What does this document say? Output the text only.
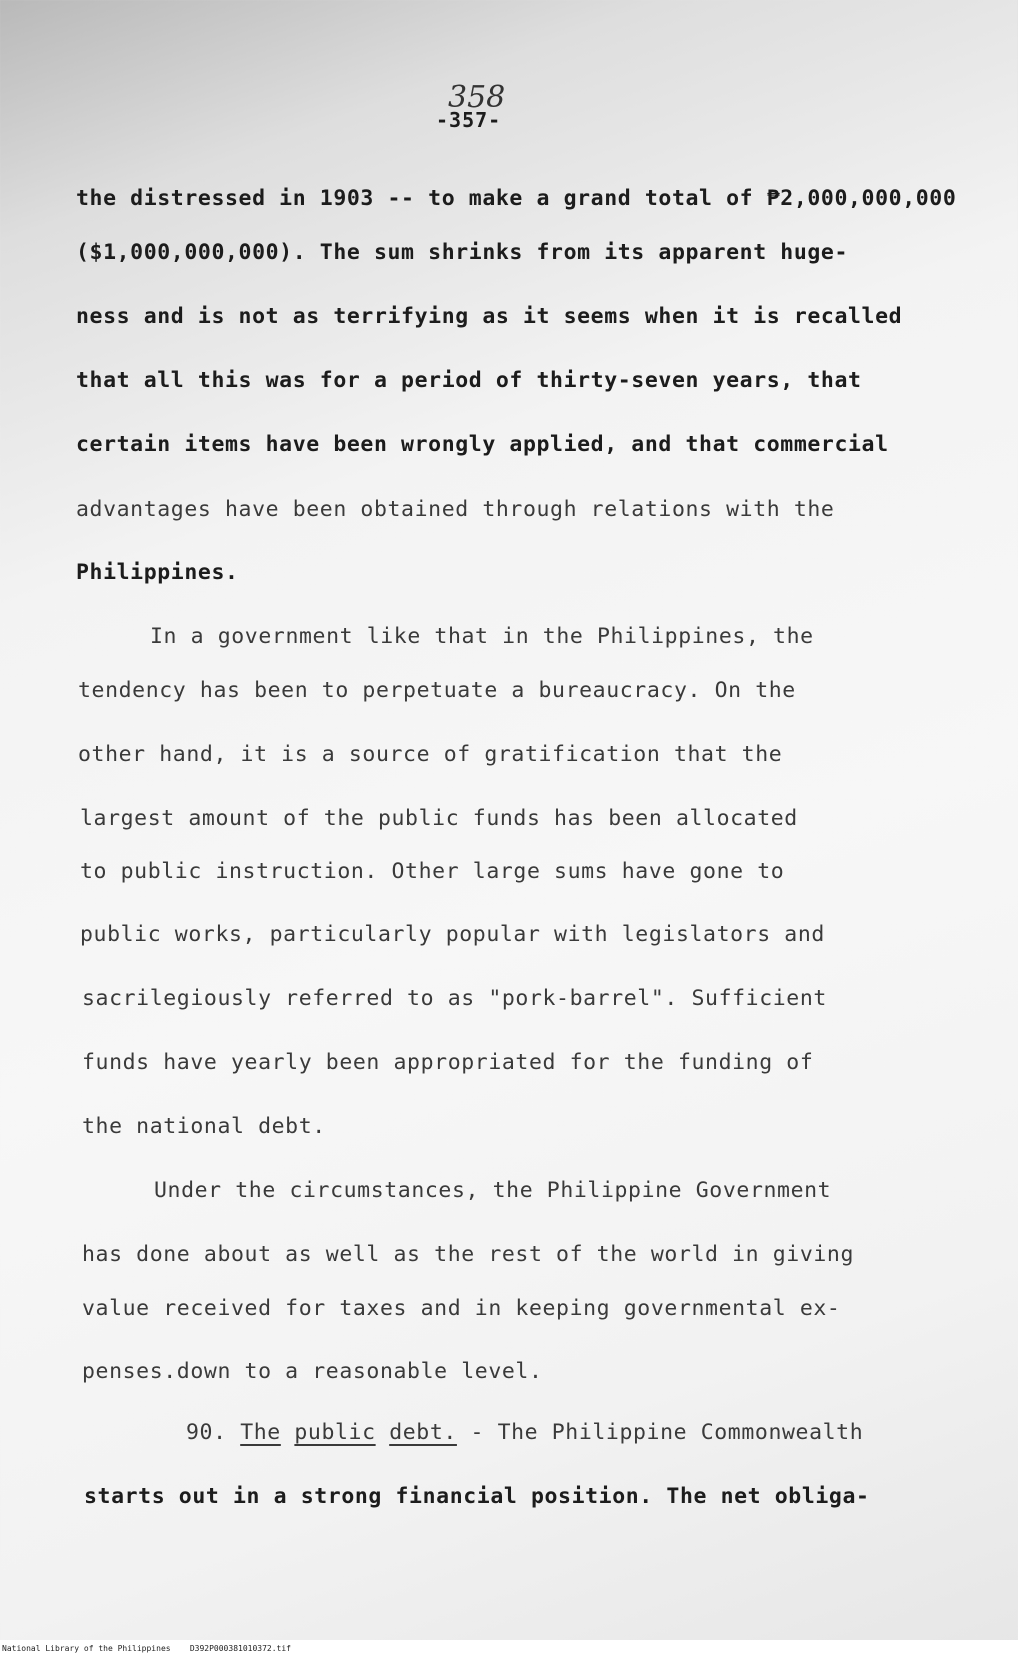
358
-357-
the distressed in 1903 -- to make a grand total of ₱2,000,000,000
($1,000,000,000). The sum shrinks from its apparent huge-
ness and is not as terrifying as it seems when it is recalled
that all this was for a period of thirty-seven years, that
certain items have been wrongly applied, and that commercial
advantages have been obtained through relations with the
Philippines.
In a government like that in the Philippines, the
tendency has been to perpetuate a bureaucracy. On the
other hand, it is a source of gratification that the
largest amount of the public funds has been allocated
to public instruction. Other large sums have gone to
public works, particularly popular with legislators and
sacrilegiously referred to as "pork-barrel". Sufficient
funds have yearly been appropriated for the funding of
the national debt.
Under the circumstances, the Philippine Government
has done about as well as the rest of the world in giving
value received for taxes and in keeping governmental ex-
penses.down to a reasonable level.
90. The public debt. - The Philippine Commonwealth
starts out in a strong financial position. The net obliga-
National Library of the Philippines    D392P000381010372.tif
